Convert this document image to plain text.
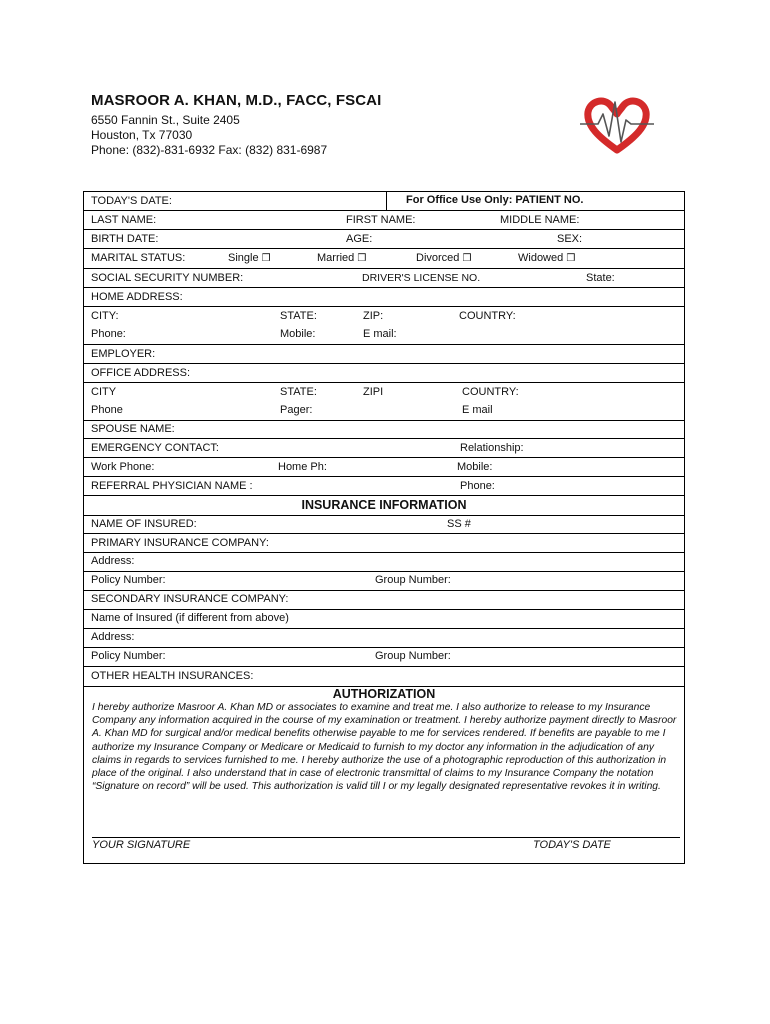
MASROOR A. KHAN, M.D., FACC, FSCAI
6550 Fannin St., Suite 2405
Houston, Tx 77030
Phone: (832)-831-6932 Fax: (832) 831-6987
TODAY'S DATE:	For Office Use Only: PATIENT NO.
LAST NAME:	FIRST NAME:	MIDDLE NAME:
BIRTH DATE:	AGE:	SEX:
MARITAL STATUS:	Single ❒	Married ❒	Divorced ❒	Widowed ❒
SOCIAL SECURITY NUMBER:	DRIVER'S LICENSE NO.	State:
HOME ADDRESS:
CITY:	STATE:	ZIP:	COUNTRY:
Phone:	Mobile:	E mail:
EMPLOYER:
OFFICE ADDRESS:
CITY	STATE:	ZIPI	COUNTRY:
Phone	Pager:	E mail
SPOUSE NAME:
EMERGENCY CONTACT:	Relationship:
Work Phone:	Home Ph:	Mobile:
REFERRAL PHYSICIAN NAME :	Phone:
INSURANCE INFORMATION
NAME OF INSURED:	SS #
PRIMARY INSURANCE COMPANY:
Address:
Policy Number:	Group Number:
SECONDARY INSURANCE COMPANY:
Name of Insured (if different from above)
Address:
Policy Number:	Group Number:
OTHER HEALTH INSURANCES:
AUTHORIZATION
I hereby authorize Masroor A. Khan MD or associates to examine and treat me. I also authorize to release to my Insurance Company any information acquired in the course of my examination or treatment. I hereby authorize payment directly to Masroor A. Khan MD for surgical and/or medical benefits otherwise payable to me for services rendered. If benefits are payable to me I authorize my Insurance Company or Medicare or Medicaid to furnish to my doctor any information in the adjudication of any claims in regards to services furnished to me. I hereby authorize the use of a photographic reproduction of this authorization in place of the original. I also understand that in case of electronic transmittal of claims to my Insurance Company the notation “Signature on record” will be used. This authorization is valid till I or my legally designated representative revokes it in writing.
YOUR SIGNATURE	TODAY'S DATE
